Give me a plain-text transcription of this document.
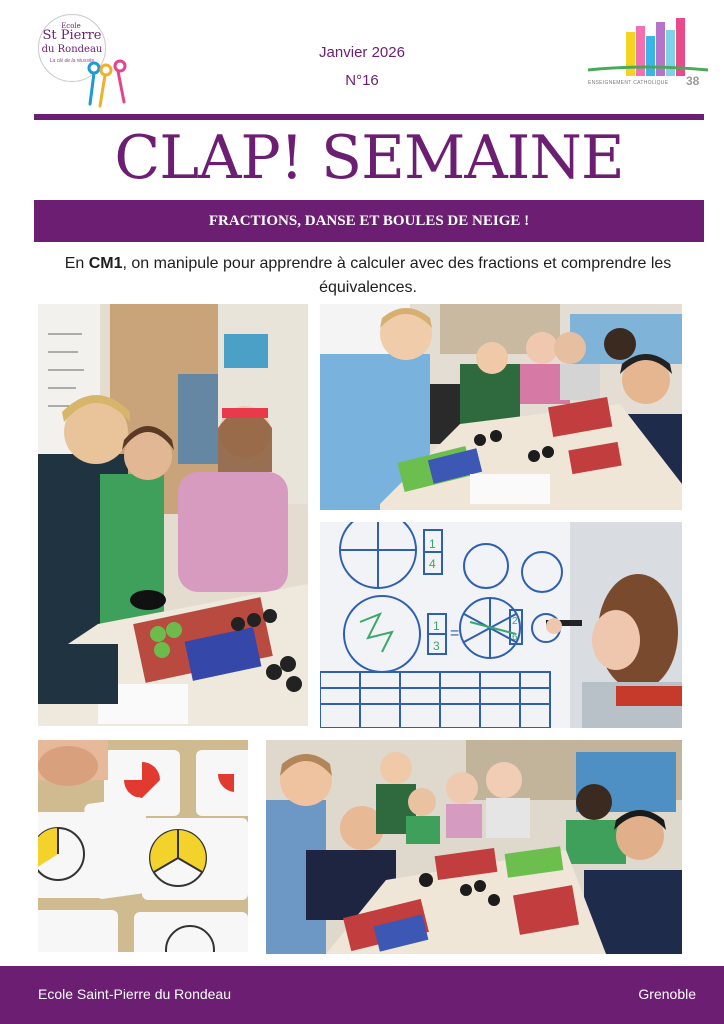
Ecole
St Pierre
du Rondeau
La clé de la réussite	Janvier 2026
N°16	ENSEIGNEMENT CATHOLIQUE 38
CLAP! SEMAINE
FRACTIONS, DANSE ET BOULES DE NEIGE !
En CM1, on manipule pour apprendre à calculer avec des fractions et comprendre les équivalences.
1
4
1
3
=
2
6
Ecole Saint-Pierre du Rondeau	Grenoble
